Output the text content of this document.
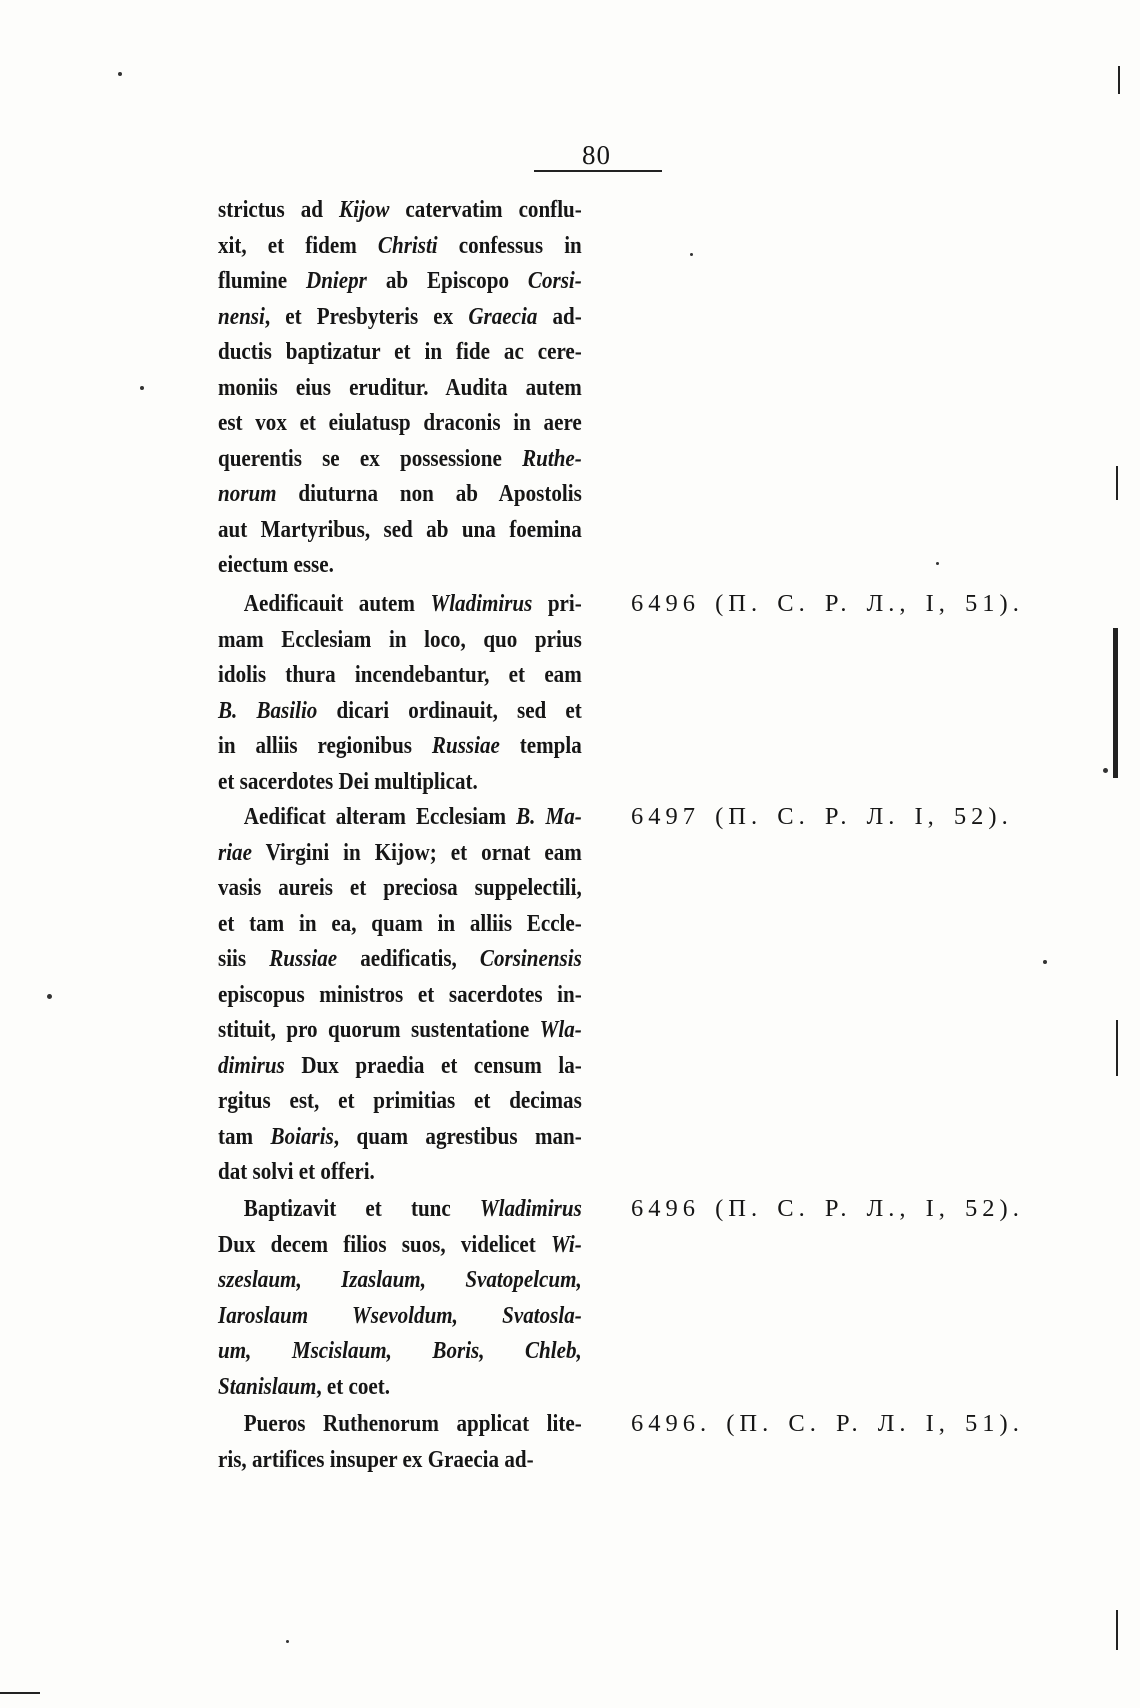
80
strictus ad Kijow catervatim conflu-
xit, et fidem Christi confessus in
flumine Dniepr ab Episcopo Corsi-
nensi, et Presbyteris ex Graecia ad-
ductis baptizatur et in fide ac cere-
moniis eius eruditur. Audita autem
est vox et eiulatusp draconis in aere
querentis se ex possessione Ruthe-
norum diuturna non ab Apostolis
aut Martyribus, sed ab una foemina
eiectum esse.
Aedificauit autem Wladimirus pri-
mam Ecclesiam in loco, quo prius
idolis thura incendebantur, et eam
B. Basilio dicari ordinauit, sed et
in alliis regionibus Russiae templa
et sacerdotes Dei multiplicat.
6496 (П. С. Р. Л., I, 51).
Aedificat alteram Ecclesiam B. Ma-
riae Virgini in Kijow; et ornat eam
vasis aureis et preciosa suppelectili,
et tam in ea, quam in alliis Eccle-
siis Russiae aedificatis, Corsinensis
episcopus ministros et sacerdotes in-
stituit, pro quorum sustentatione Wla-
dimirus Dux praedia et censum la-
rgitus est, et primitias et decimas
tam Boiaris, quam agrestibus man-
dat solvi et offeri.
6497 (П. С. Р. Л. I, 52).
Baptizavit et tunc Wladimirus
Dux decem filios suos, videlicet Wi-
szeslaum, Izaslaum, Svatopelcum,
Iaroslaum Wsevoldum, Svatosla-
um, Mscislaum, Boris, Chleb,
Stanislaum, et coet.
6496 (П. С. Р. Л., I, 52).
Pueros Ruthenorum applicat lite-
ris, artifices insuper ex Graecia ad-
6496. (П. С. Р. Л. I, 51).
